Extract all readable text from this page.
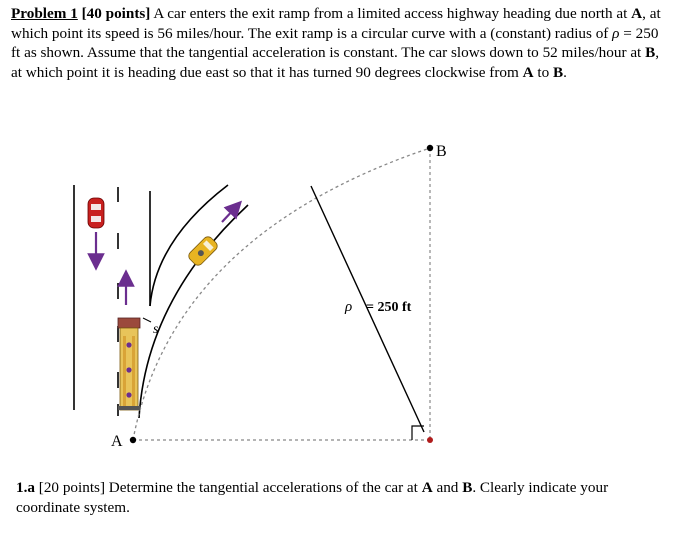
Problem 1 [40 points] A car enters the exit ramp from a limited access highway heading due north at A, at which point its speed is 56 miles/hour. The exit ramp is a circular curve with a (constant) radius of ρ = 250 ft as shown. Assume that the tangential acceleration is constant. The car slows down to 52 miles/hour at B, at which point it is heading due east so that it has turned 90 degrees clockwise from A to B.
B
A
s
ρ = 250 ft
1.a [20 points] Determine the tangential accelerations of the car at A and B. Clearly indicate your coordinate system.
